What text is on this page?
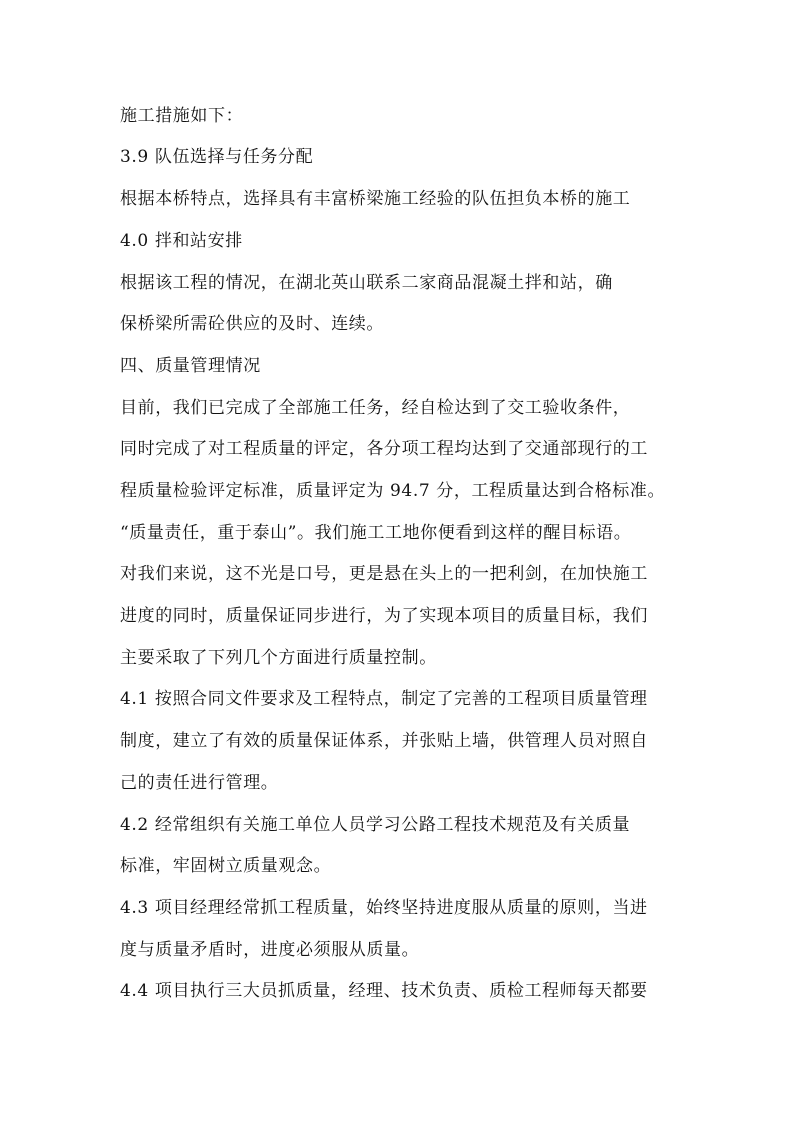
施工措施如下：
3.9 队伍选择与任务分配
根据本桥特点，选择具有丰富桥梁施工经验的队伍担负本桥的施工
4.0 拌和站安排
根据该工程的情况，在湖北英山联系二家商品混凝土拌和站，确
保桥梁所需砼供应的及时、连续。
四、质量管理情况
目前，我们已完成了全部施工任务，经自检达到了交工验收条件，
同时完成了对工程质量的评定，各分项工程均达到了交通部现行的工
程质量检验评定标准，质量评定为 94.7 分，工程质量达到合格标准。
“质量责任，重于泰山”。我们施工工地你便看到这样的醒目标语。
对我们来说，这不光是口号，更是悬在头上的一把利剑，在加快施工
进度的同时，质量保证同步进行，为了实现本项目的质量目标，我们
主要采取了下列几个方面进行质量控制。
4.1 按照合同文件要求及工程特点，制定了完善的工程项目质量管理
制度，建立了有效的质量保证体系，并张贴上墙，供管理人员对照自
己的责任进行管理。
4.2 经常组织有关施工单位人员学习公路工程技术规范及有关质量
标准，牢固树立质量观念。
4.3 项目经理经常抓工程质量，始终坚持进度服从质量的原则，当进
度与质量矛盾时，进度必须服从质量。
4.4 项目执行三大员抓质量，经理、技术负责、质检工程师每天都要
